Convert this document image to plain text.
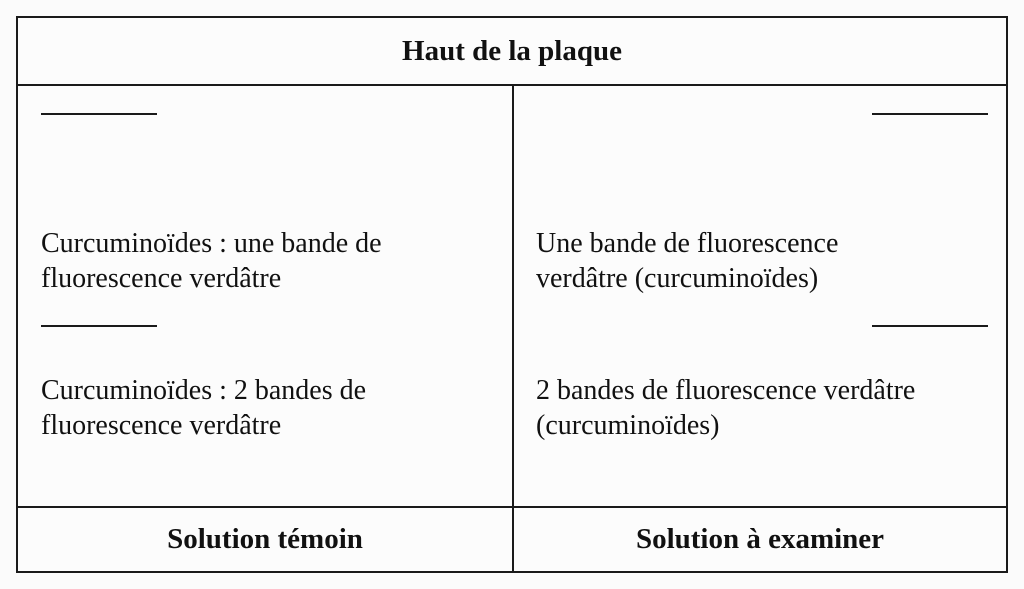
Haut de la plaque
Curcuminoïdes : une bande de
fluorescence verdâtre
Curcuminoïdes : 2 bandes de
fluorescence verdâtre
Une bande de fluorescence
verdâtre (curcuminoïdes)
2 bandes de fluorescence verdâtre
(curcuminoïdes)
Solution témoin	Solution à examiner
